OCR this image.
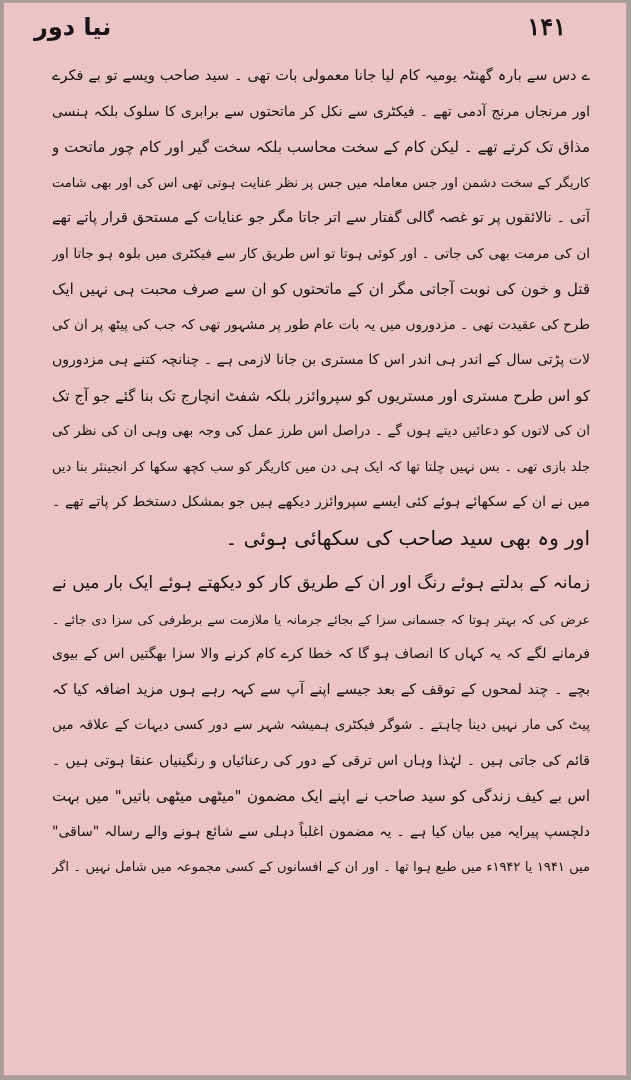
نیا دور	۱۴۱
ے دس سے بارہ گھنٹہ یومیہ کام لیا جانا معمولی بات تھی ۔ سید صاحب ویسے تو بے فکرے
اور مرنجاں مرنج آدمی تھے ۔ فیکٹری سے نکل کر ماتحتوں سے برابری کا سلوک بلکہ ہنسی
مذاق تک کرتے تھے ۔ لیکن کام کے سخت محاسب بلکہ سخت گیر اور کام چور ماتحت و
کاریگر کے سخت دشمن اور جس معاملہ میں جس پر نظر عنایت ہوتی تھی اس کی اور بھی شامت
آتی ۔ نالائقوں پر تو غصہ گالی گفتار سے اتر جاتا مگر جو عنایات کے مستحق قرار پاتے تھے
ان کی مرمت بھی کی جاتی ۔ اور کوئی ہوتا تو اس طریق کار سے فیکٹری میں بلوہ ہو جاتا اور
قتل و خون کی نوبت آجاتی مگر ان کے ماتحتوں کو ان سے صرف محبت ہی نہیں ایک
طرح کی عقیدت تھی ۔ مزدوروں میں یہ بات عام طور پر مشہور تھی کہ جب کی پیٹھ پر ان کی
لات پڑتی سال کے اندر ہی اندر اس کا مستری بن جانا لازمی ہے ۔ چنانچہ کتنے ہی مزدوروں
کو اس طرح مستری اور مستریوں کو سپروائزر بلکہ شفٹ انچارج تک بنا گئے جو آج تک
ان کی لاتوں کو دعائیں دیتے ہوں گے ۔ دراصل اس طرز عمل کی وجہ بھی وہی ان کی نظر کی
جلد بازی تھی ۔ بس نہیں چلتا تھا کہ ایک ہی دن میں کاریگر کو سب کچھ سکھا کر انجینئر بنا دیں
میں نے ان کے سکھائے ہوئے کئی ایسے سپروائزر دیکھے ہیں جو بمشکل دستخط کر پاتے تھے ۔
اور وہ بھی سید صاحب کی سکھائی ہوئی ۔
زمانہ کے بدلتے ہوئے رنگ اور ان کے طریق کار کو دیکھتے ہوئے ایک بار میں نے
عرض کی کہ بہتر ہوتا کہ جسمانی سزا کے بجائے جرمانہ یا ملازمت سے برطرفی کی سزا دی جائے ۔
فرمانے لگے کہ یہ کہاں کا انصاف ہو گا کہ خطا کرے کام کرنے والا سزا بھگتیں اس کے بیوی
بچے ۔ چند لمحوں کے توقف کے بعد جیسے اپنے آپ سے کہہ رہے ہوں مزید اضافہ کیا کہ
پیٹ کی مار نہیں دینا چاہتے ۔ شوگر فیکٹری ہمیشہ شہر سے دور کسی دیہات کے علاقہ میں
قائم کی جاتی ہیں ۔ لہٰذا وہاں اس ترقی کے دور کی رعنائیاں و رنگینیاں عنقا ہوتی ہیں ۔
اس بے کیف زندگی کو سید صاحب نے اپنے ایک مضمون "میٹھی میٹھی باتیں" میں بہت
دلچسپ پیرایہ میں بیان کیا ہے ۔ یہ مضمون اغلباً دہلی سے شائع ہونے والے رسالہ "ساقی"
میں ۱۹۴۱ یا ۱۹۴۲ء میں طبع ہوا تھا ۔ اور ان کے افسانوں کے کسی مجموعہ میں شامل نہیں ۔ اگر
